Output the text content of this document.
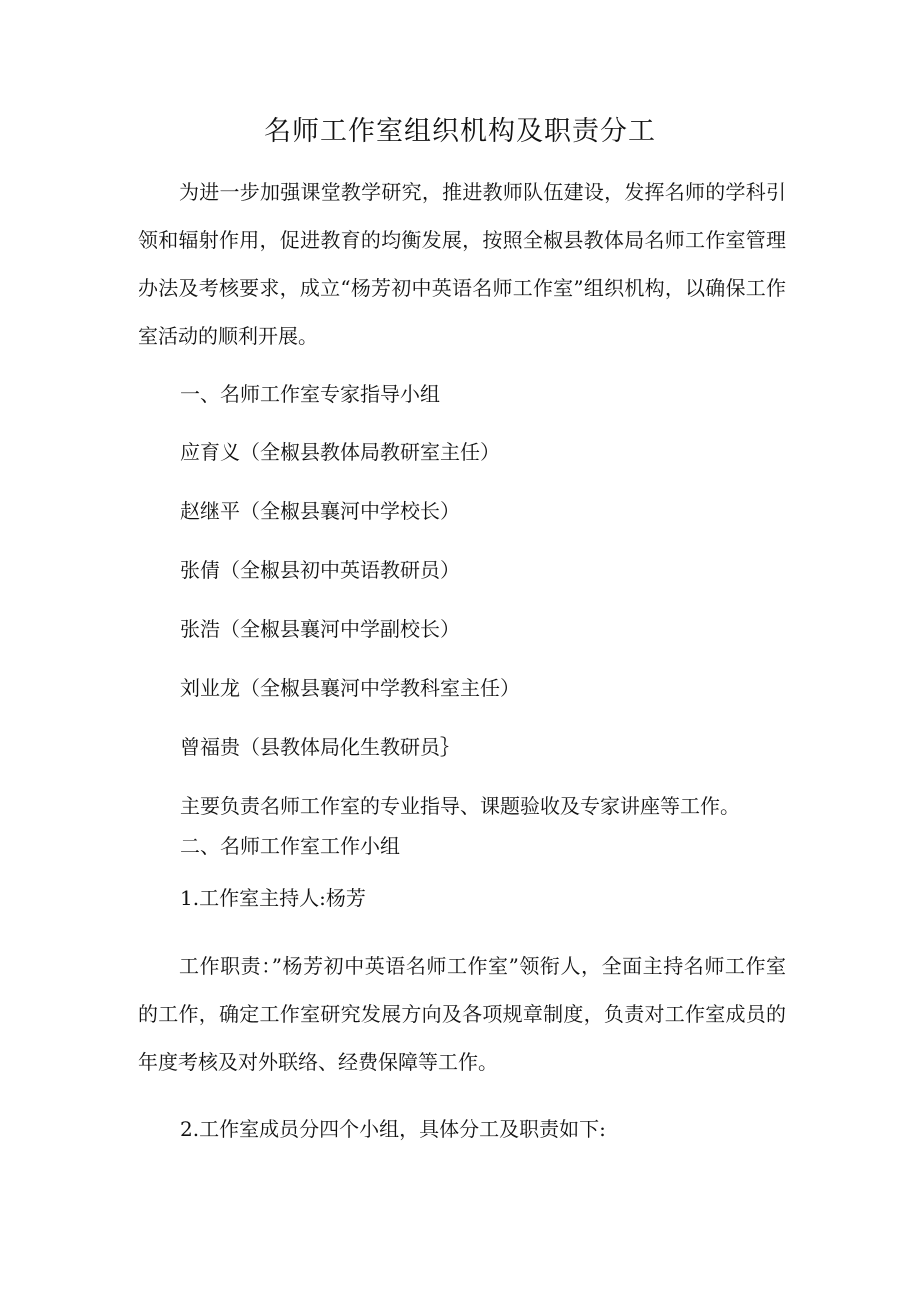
名师工作室组织机构及职责分工

为进一步加强课堂教学研究，推进教师队伍建设，发挥名师的学科引领和辐射作用，促进教育的均衡发展，按照全椒县教体局名师工作室管理办法及考核要求，成立“杨芳初中英语名师工作室”组织机构，以确保工作室活动的顺利开展。

一、名师工作室专家指导小组

应育义（全椒县教体局教研室主任）

赵继平（全椒县襄河中学校长）

张倩（全椒县初中英语教研员）

张浩（全椒县襄河中学副校长）

刘业龙（全椒县襄河中学教科室主任）

曾福贵（县教体局化生教研员｝

主要负责名师工作室的专业指导、课题验收及专家讲座等工作。

二、名师工作室工作小组

1.工作室主持人:杨芳

工作职责：”杨芳初中英语名师工作室”领衔人，全面主持名师工作室的工作，确定工作室研究发展方向及各项规章制度，负责对工作室成员的年度考核及对外联络、经费保障等工作。

2.工作室成员分四个小组，具体分工及职责如下:
